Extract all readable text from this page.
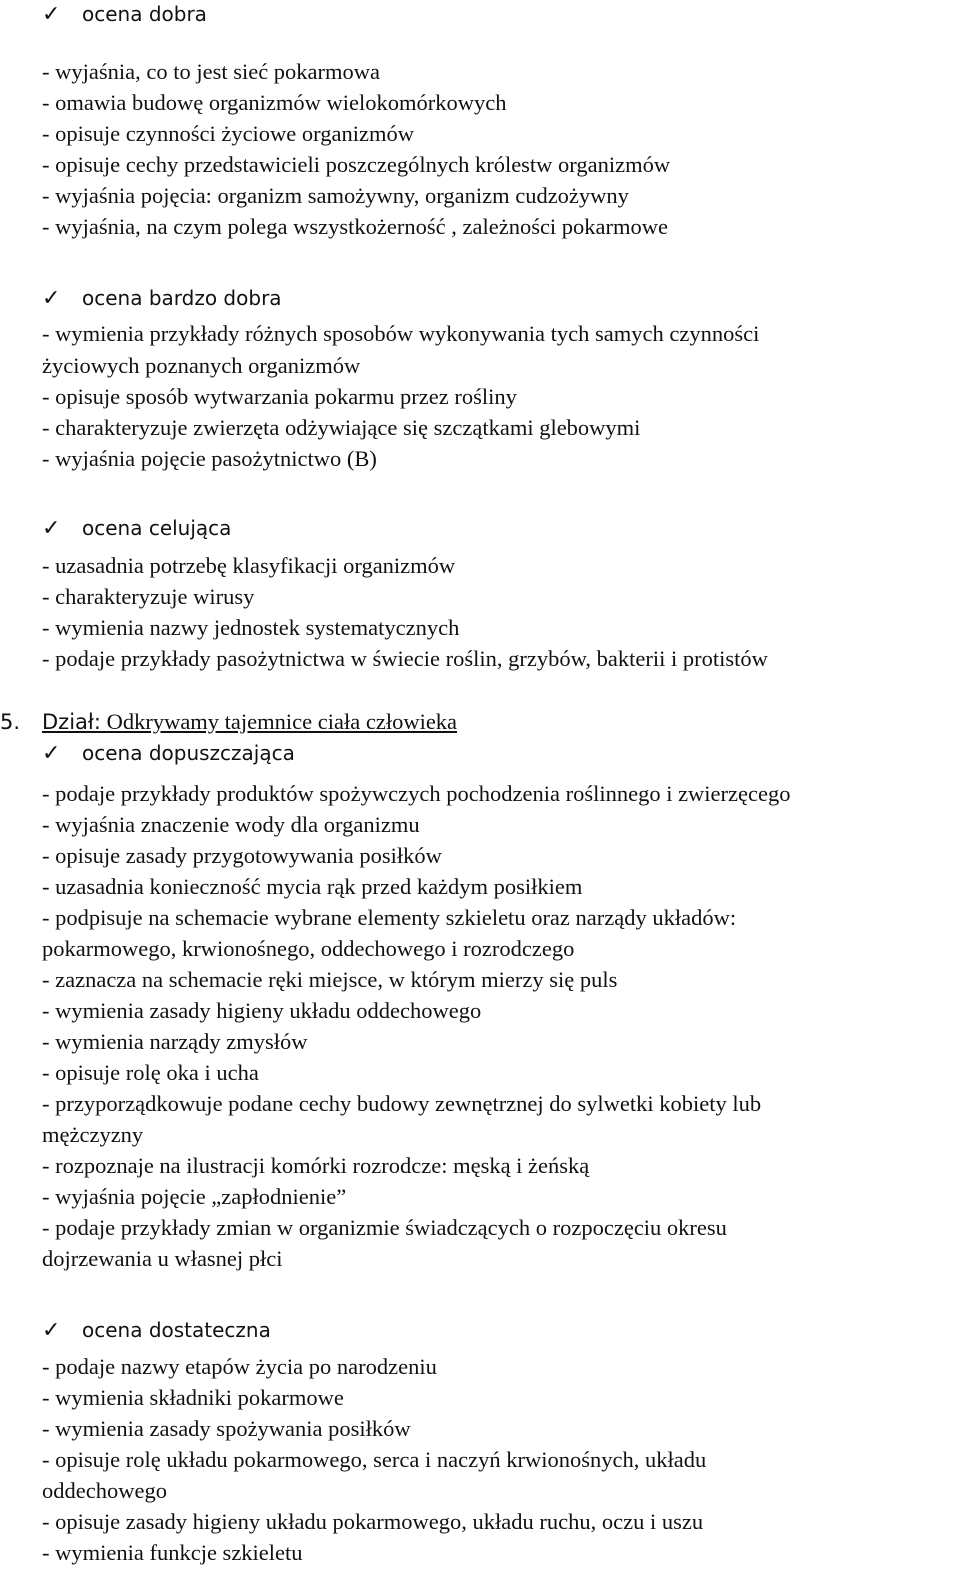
✓ ocena dobra
- wyjaśnia, co to jest sieć pokarmowa
- omawia budowę organizmów wielokomórkowych
- opisuje czynności życiowe organizmów
- opisuje cechy przedstawicieli poszczególnych królestw organizmów
- wyjaśnia pojęcia: organizm samożywny, organizm cudzożywny
- wyjaśnia, na czym polega wszystkożerność , zależności pokarmowe
✓ ocena bardzo dobra
- wymienia przykłady różnych sposobów wykonywania tych samych czynności
życiowych poznanych organizmów
- opisuje sposób wytwarzania pokarmu przez rośliny
- charakteryzuje zwierzęta odżywiające się szczątkami glebowymi
- wyjaśnia pojęcie pasożytnictwo (B)
✓ ocena celująca
- uzasadnia potrzebę klasyfikacji organizmów
- charakteryzuje wirusy
- wymienia nazwy jednostek systematycznych
- podaje przykłady pasożytnictwa w świecie roślin, grzybów, bakterii i protistów
5. Dział: Odkrywamy tajemnice ciała człowieka
✓ ocena dopuszczająca
- podaje przykłady produktów spożywczych pochodzenia roślinnego i zwierzęcego
- wyjaśnia znaczenie wody dla organizmu
- opisuje zasady przygotowywania posiłków
- uzasadnia konieczność mycia rąk przed każdym posiłkiem
- podpisuje na schemacie wybrane elementy szkieletu oraz narządy układów:
pokarmowego, krwionośnego, oddechowego i rozrodczego
- zaznacza na schemacie ręki miejsce, w którym mierzy się puls
- wymienia zasady higieny układu oddechowego
- wymienia narządy zmysłów
- opisuje rolę oka i ucha
- przyporządkowuje podane cechy budowy zewnętrznej do sylwetki kobiety lub
mężczyzny
- rozpoznaje na ilustracji komórki rozrodcze: męską i żeńską
- wyjaśnia pojęcie „zapłodnienie”
- podaje przykłady zmian w organizmie świadczących o rozpoczęciu okresu
dojrzewania u własnej płci
✓ ocena dostateczna
- podaje nazwy etapów życia po narodzeniu
- wymienia składniki pokarmowe
- wymienia zasady spożywania posiłków
- opisuje rolę układu pokarmowego, serca i naczyń krwionośnych, układu
oddechowego
- opisuje zasady higieny układu pokarmowego, układu ruchu, oczu i uszu
- wymienia funkcje szkieletu
